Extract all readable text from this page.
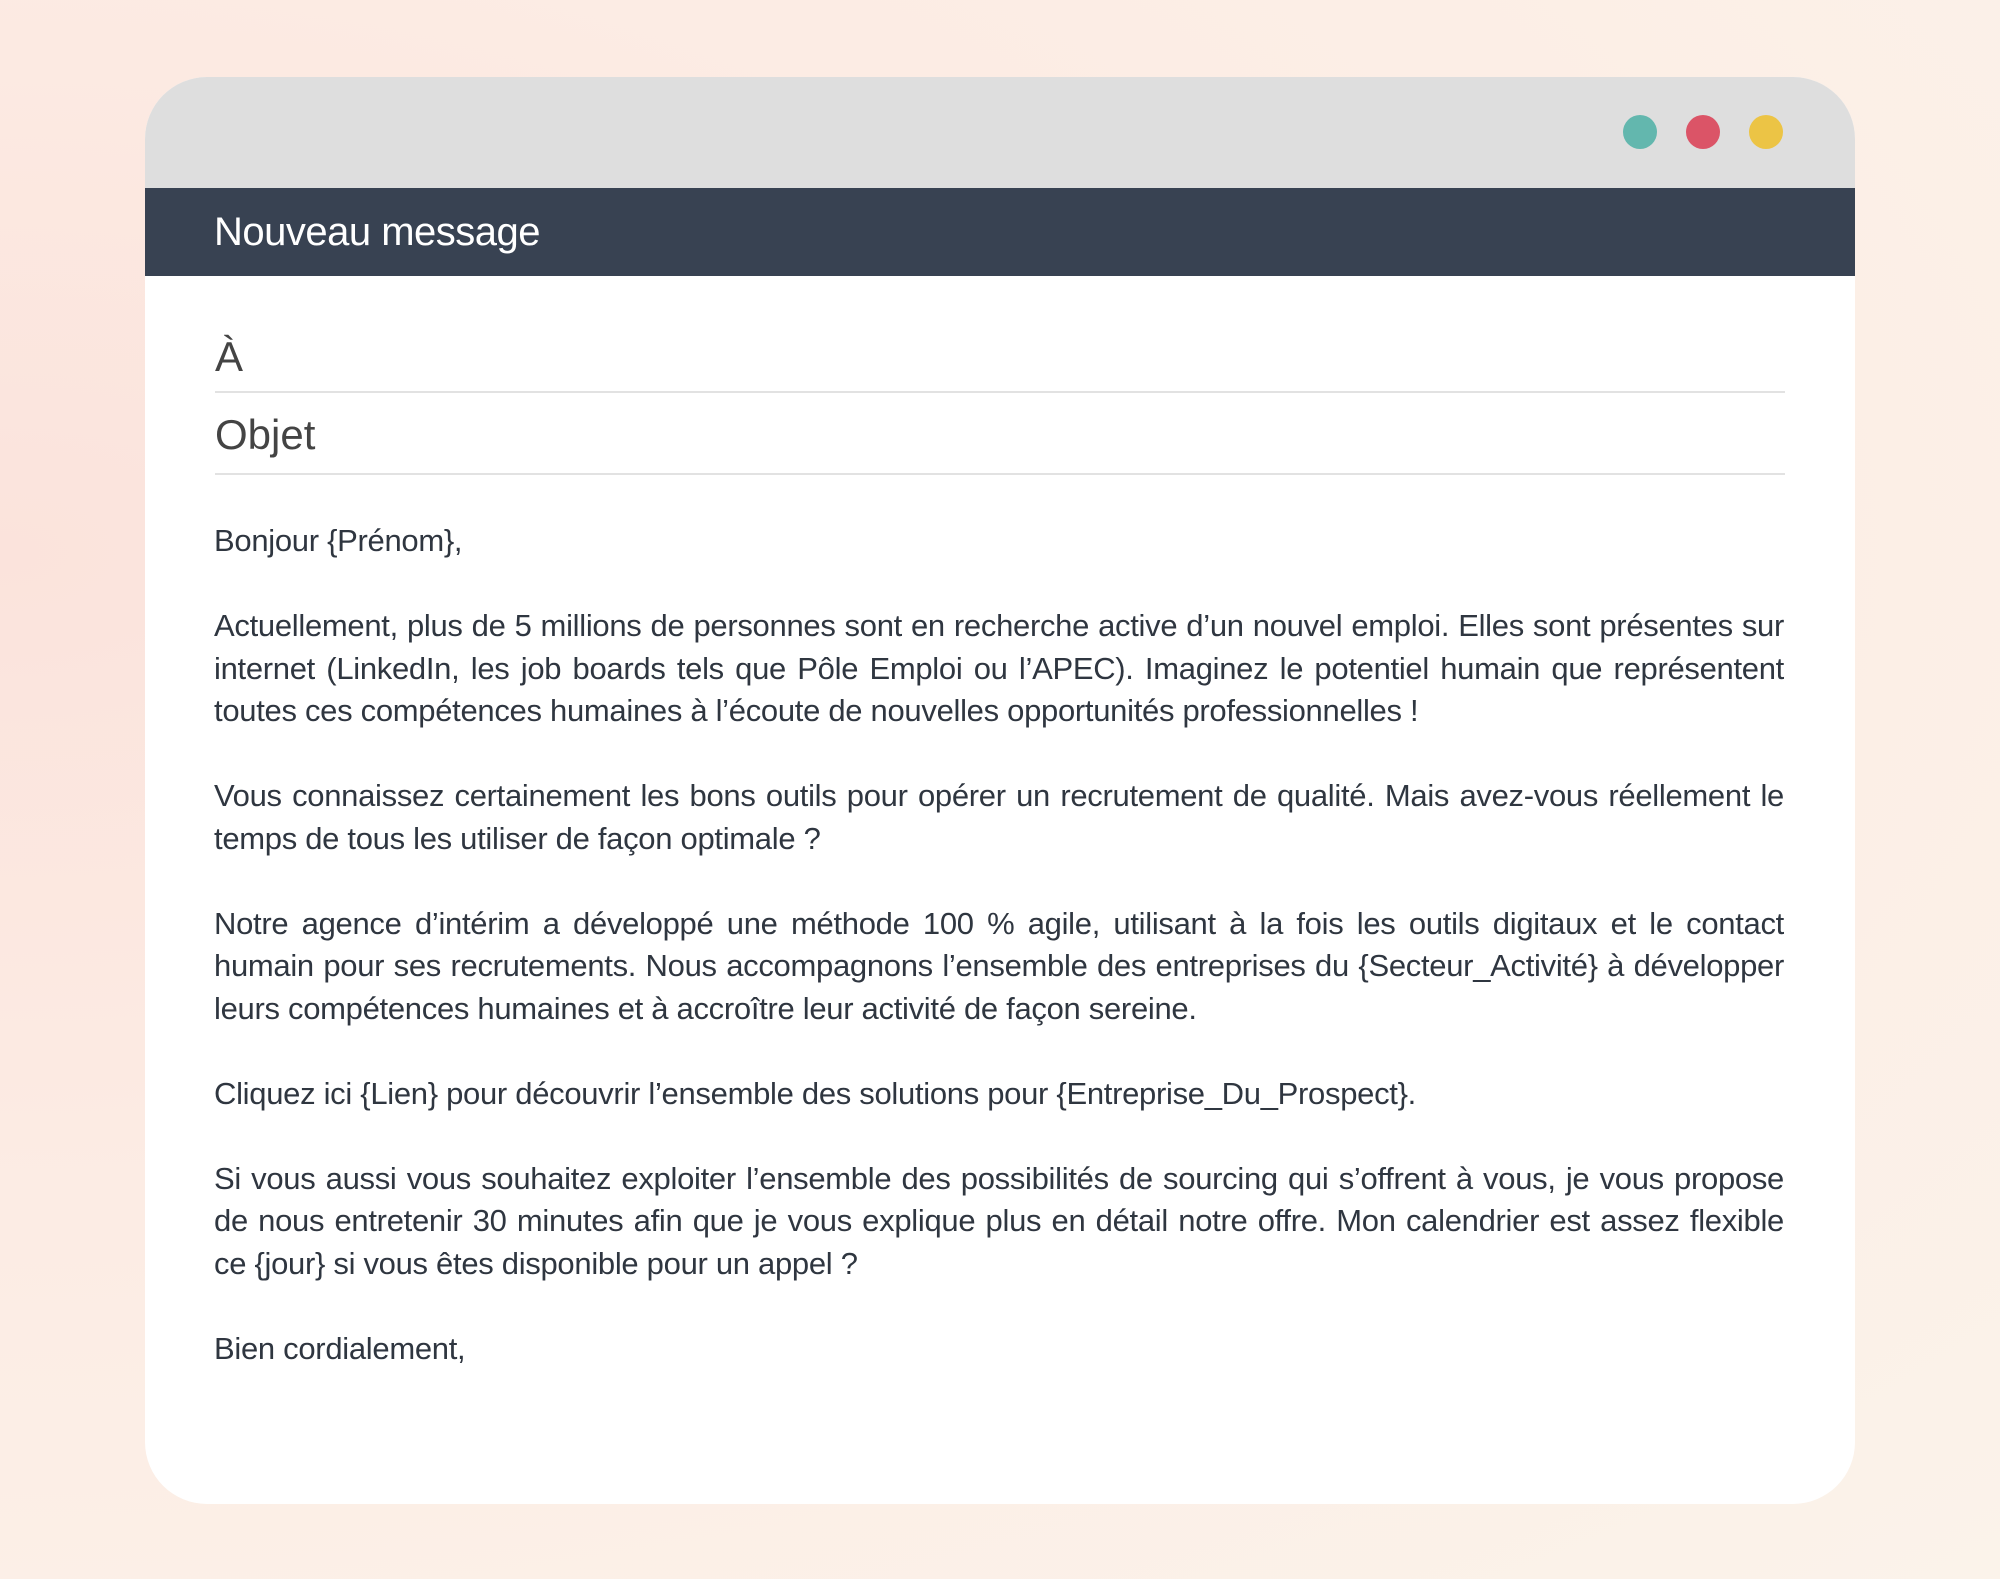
Nouveau message
À
Objet

Bonjour {Prénom},

Actuellement, plus de 5 millions de personnes sont en recherche active d’un nouvel emploi. Elles sont présentes sur internet (LinkedIn, les job boards tels que Pôle Emploi ou l’APEC). Imaginez le potentiel humain que représentent toutes ces compétences humaines à l’écoute de nouvelles opportunités professionnelles !

Vous connaissez certainement les bons outils pour opérer un recrutement de qualité. Mais avez-vous réellement le temps de tous les utiliser de façon optimale ?

Notre agence d’intérim a développé une méthode 100 % agile, utilisant à la fois les outils digitaux et le contact humain pour ses recrutements. Nous accompagnons l’ensemble des entreprises du {Secteur_Activité} à développer leurs compétences humaines et à accroître leur activité de façon sereine.

Cliquez ici {Lien} pour découvrir l’ensemble des solutions pour {Entreprise_Du_Prospect}.

Si vous aussi vous souhaitez exploiter l’ensemble des possibilités de sourcing qui s’offrent à vous, je vous propose de nous entretenir 30 minutes afin que je vous explique plus en détail notre offre. Mon calendrier est assez flexible ce {jour} si vous êtes disponible pour un appel ?

Bien cordialement,
